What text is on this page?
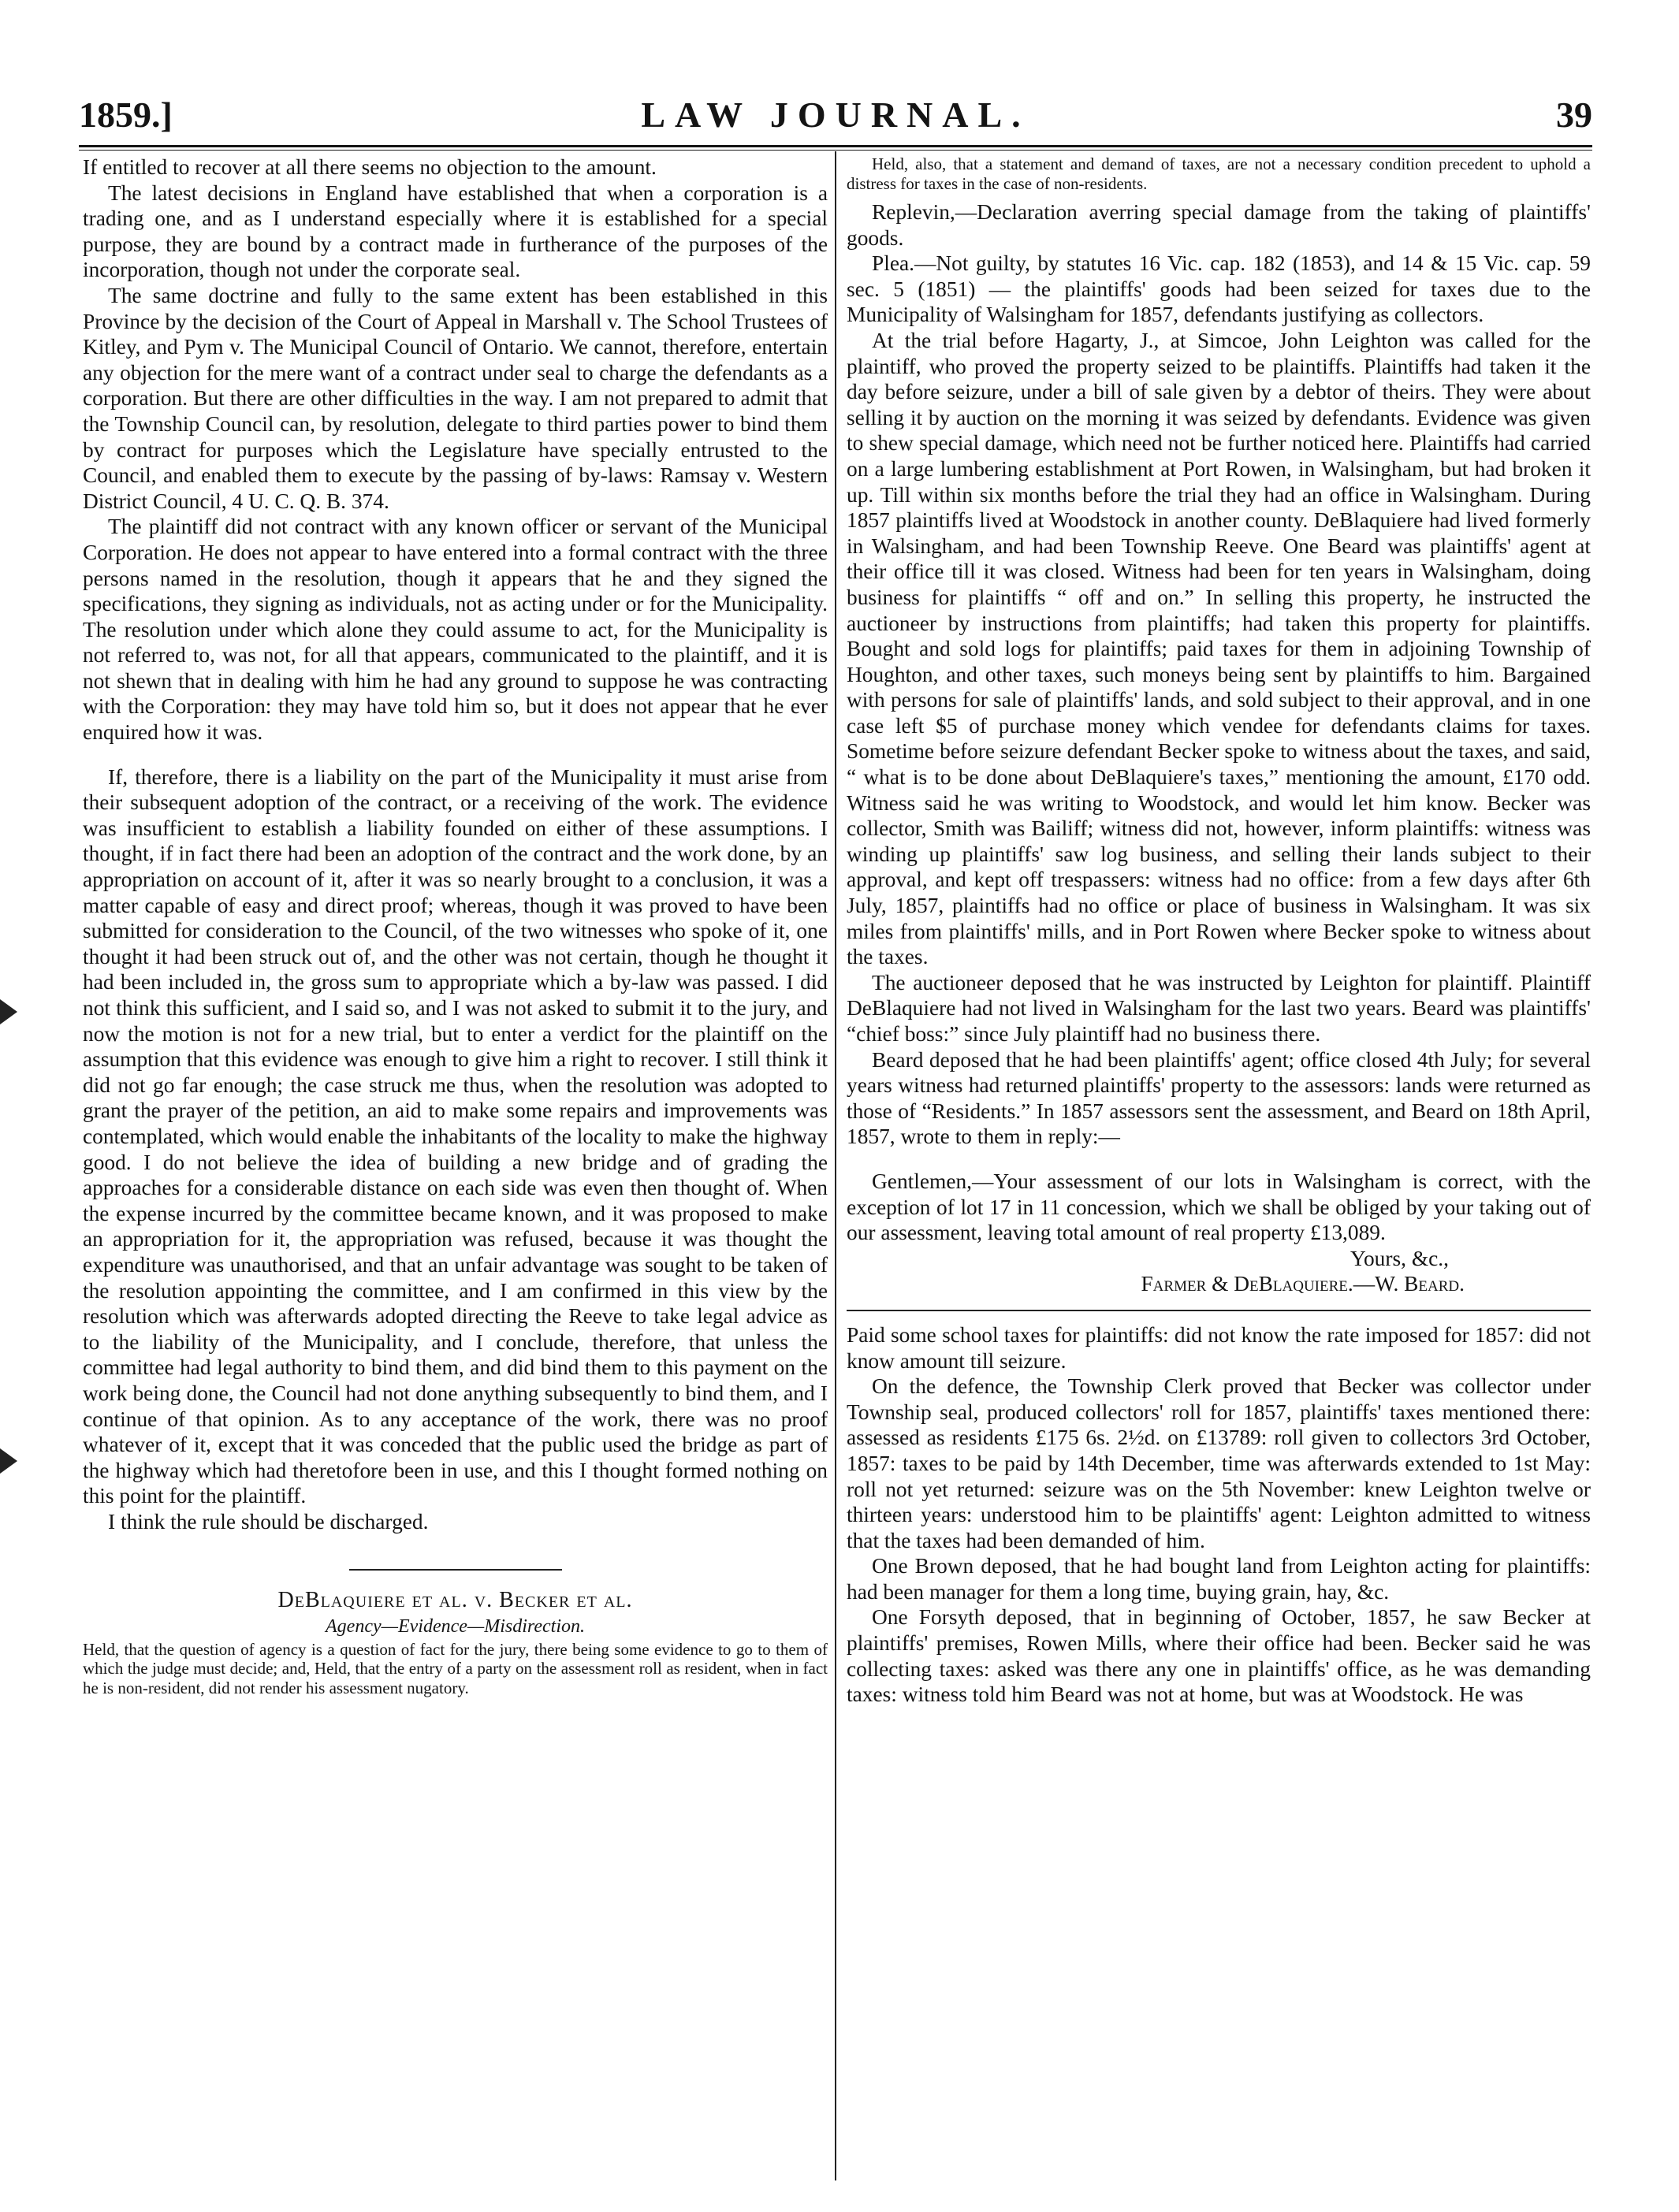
LAW JOURNAL.
1859.]	39

If entitled to recover at all there seems no objection to the amount.

The latest decisions in England have established that when a corporation is a trading one, and as I understand especially where it is established for a special purpose, they are bound by a contract made in furtherance of the purposes of the incorporation, though not under the corporate seal.

The same doctrine and fully to the same extent has been established in this Province by the decision of the Court of Appeal in Marshall v. The School Trustees of Kitley, and Pym v. The Municipal Council of Ontario. We cannot, therefore, entertain any objection for the mere want of a contract under seal to charge the defendants as a corporation. But there are other difficulties in the way. I am not prepared to admit that the Township Council can, by resolution, delegate to third parties power to bind them by contract for purposes which the Legislature have specially entrusted to the Council, and enabled them to execute by the passing of by-laws: Ramsay v. Western District Council, 4 U. C. Q. B. 374.

The plaintiff did not contract with any known officer or servant of the Municipal Corporation. He does not appear to have entered into a formal contract with the three persons named in the resolution, though it appears that he and they signed the specifications, they signing as individuals, not as acting under or for the Municipality. The resolution under which alone they could assume to act, for the Municipality is not referred to, was not, for all that appears, communicated to the plaintiff, and it is not shewn that in dealing with him he had any ground to suppose he was contracting with the Corporation: they may have told him so, but it does not appear that he ever enquired how it was.

If, therefore, there is a liability on the part of the Municipality it must arise from their subsequent adoption of the contract, or a receiving of the work. The evidence was insufficient to establish a liability founded on either of these assumptions. I thought, if in fact there had been an adoption of the contract and the work done, by an appropriation on account of it, after it was so nearly brought to a conclusion, it was a matter capable of easy and direct proof; whereas, though it was proved to have been submitted for consideration to the Council, of the two witnesses who spoke of it, one thought it had been struck out of, and the other was not certain, though he thought it had been included in, the gross sum to appropriate which a by-law was passed. I did not think this sufficient, and I said so, and I was not asked to submit it to the jury, and now the motion is not for a new trial, but to enter a verdict for the plaintiff on the assumption that this evidence was enough to give him a right to recover. I still think it did not go far enough; the case struck me thus, when the resolution was adopted to grant the prayer of the petition, an aid to make some repairs and improvements was contemplated, which would enable the inhabitants of the locality to make the highway good. I do not believe the idea of building a new bridge and of grading the approaches for a considerable distance on each side was even then thought of. When the expense incurred by the committee became known, and it was proposed to make an appropriation for it, the appropriation was refused, because it was thought the expenditure was unauthorised, and that an unfair advantage was sought to be taken of the resolution appointing the committee, and I am confirmed in this view by the resolution which was afterwards adopted directing the Reeve to take legal advice as to the liability of the Municipality, and I conclude, therefore, that unless the committee had legal authority to bind them, and did bind them to this payment on the work being done, the Council had not done anything subsequently to bind them, and I continue of that opinion. As to any acceptance of the work, there was no proof whatever of it, except that it was conceded that the public used the bridge as part of the highway which had theretofore been in use, and this I thought formed nothing on this point for the plaintiff.

I think the rule should be discharged.

DeBlaquiere et al. v. Becker et al.

Agency—Evidence—Misdirection.

Held, that the question of agency is a question of fact for the jury, there being some evidence to go to them of which the judge must decide; and, Held, that the entry of a party on the assessment roll as resident, when in fact he is non-resident, did not render his assessment nugatory.

Held, also, that a statement and demand of taxes, are not a necessary condition precedent to uphold a distress for taxes in the case of non-residents.

Replevin,—Declaration averring special damage from the taking of plaintiffs' goods.

Plea.—Not guilty, by statutes 16 Vic. cap. 182 (1853), and 14 & 15 Vic. cap. 59 sec. 5 (1851) — the plaintiffs' goods had been seized for taxes due to the Municipality of Walsingham for 1857, defendants justifying as collectors.

At the trial before Hagarty, J., at Simcoe, John Leighton was called for the plaintiff, who proved the property seized to be plaintiffs. Plaintiffs had taken it the day before seizure, under a bill of sale given by a debtor of theirs. They were about selling it by auction on the morning it was seized by defendants. Evidence was given to shew special damage, which need not be further noticed here. Plaintiffs had carried on a large lumbering establishment at Port Rowen, in Walsingham, but had broken it up. Till within six months before the trial they had an office in Walsingham. During 1857 plaintiffs lived at Woodstock in another county. DeBlaquiere had lived formerly in Walsingham, and had been Township Reeve. One Beard was plaintiffs' agent at their office till it was closed. Witness had been for ten years in Walsingham, doing business for plaintiffs “ off and on.” In selling this property, he instructed the auctioneer by instructions from plaintiffs; had taken this property for plaintiffs. Bought and sold logs for plaintiffs; paid taxes for them in adjoining Township of Houghton, and other taxes, such moneys being sent by plaintiffs to him. Bargained with persons for sale of plaintiffs' lands, and sold subject to their approval, and in one case left $5 of purchase money which vendee for defendants claims for taxes. Sometime before seizure defendant Becker spoke to witness about the taxes, and said, “ what is to be done about DeBlaquiere's taxes,” mentioning the amount, £170 odd. Witness said he was writing to Woodstock, and would let him know. Becker was collector, Smith was Bailiff; witness did not, however, inform plaintiffs: witness was winding up plaintiffs' saw log business, and selling their lands subject to their approval, and kept off trespassers: witness had no office: from a few days after 6th July, 1857, plaintiffs had no office or place of business in Walsingham. It was six miles from plaintiffs' mills, and in Port Rowen where Becker spoke to witness about the taxes.

The auctioneer deposed that he was instructed by Leighton for plaintiff. Plaintiff DeBlaquiere had not lived in Walsingham for the last two years. Beard was plaintiffs' “chief boss:” since July plaintiff had no business there.

Beard deposed that he had been plaintiffs' agent; office closed 4th July; for several years witness had returned plaintiffs' property to the assessors: lands were returned as those of “Residents.” In 1857 assessors sent the assessment, and Beard on 18th April, 1857, wrote to them in reply:—

Gentlemen,—Your assessment of our lots in Walsingham is correct, with the exception of lot 17 in 11 concession, which we shall be obliged by your taking out of our assessment, leaving total amount of real property £13,089.

Yours, &c.,

Farmer & DeBlaquiere.—W. Beard.

Paid some school taxes for plaintiffs: did not know the rate imposed for 1857: did not know amount till seizure.

On the defence, the Township Clerk proved that Becker was collector under Township seal, produced collectors' roll for 1857, plaintiffs' taxes mentioned there: assessed as residents £175 6s. 2½d. on £13789: roll given to collectors 3rd October, 1857: taxes to be paid by 14th December, time was afterwards extended to 1st May: roll not yet returned: seizure was on the 5th November: knew Leighton twelve or thirteen years: understood him to be plaintiffs' agent: Leighton admitted to witness that the taxes had been demanded of him.

One Brown deposed, that he had bought land from Leighton acting for plaintiffs: had been manager for them a long time, buying grain, hay, &c.

One Forsyth deposed, that in beginning of October, 1857, he saw Becker at plaintiffs' premises, Rowen Mills, where their office had been. Becker said he was collecting taxes: asked was there any one in plaintiffs' office, as he was demanding taxes: witness told him Beard was not at home, but was at Woodstock. He was
